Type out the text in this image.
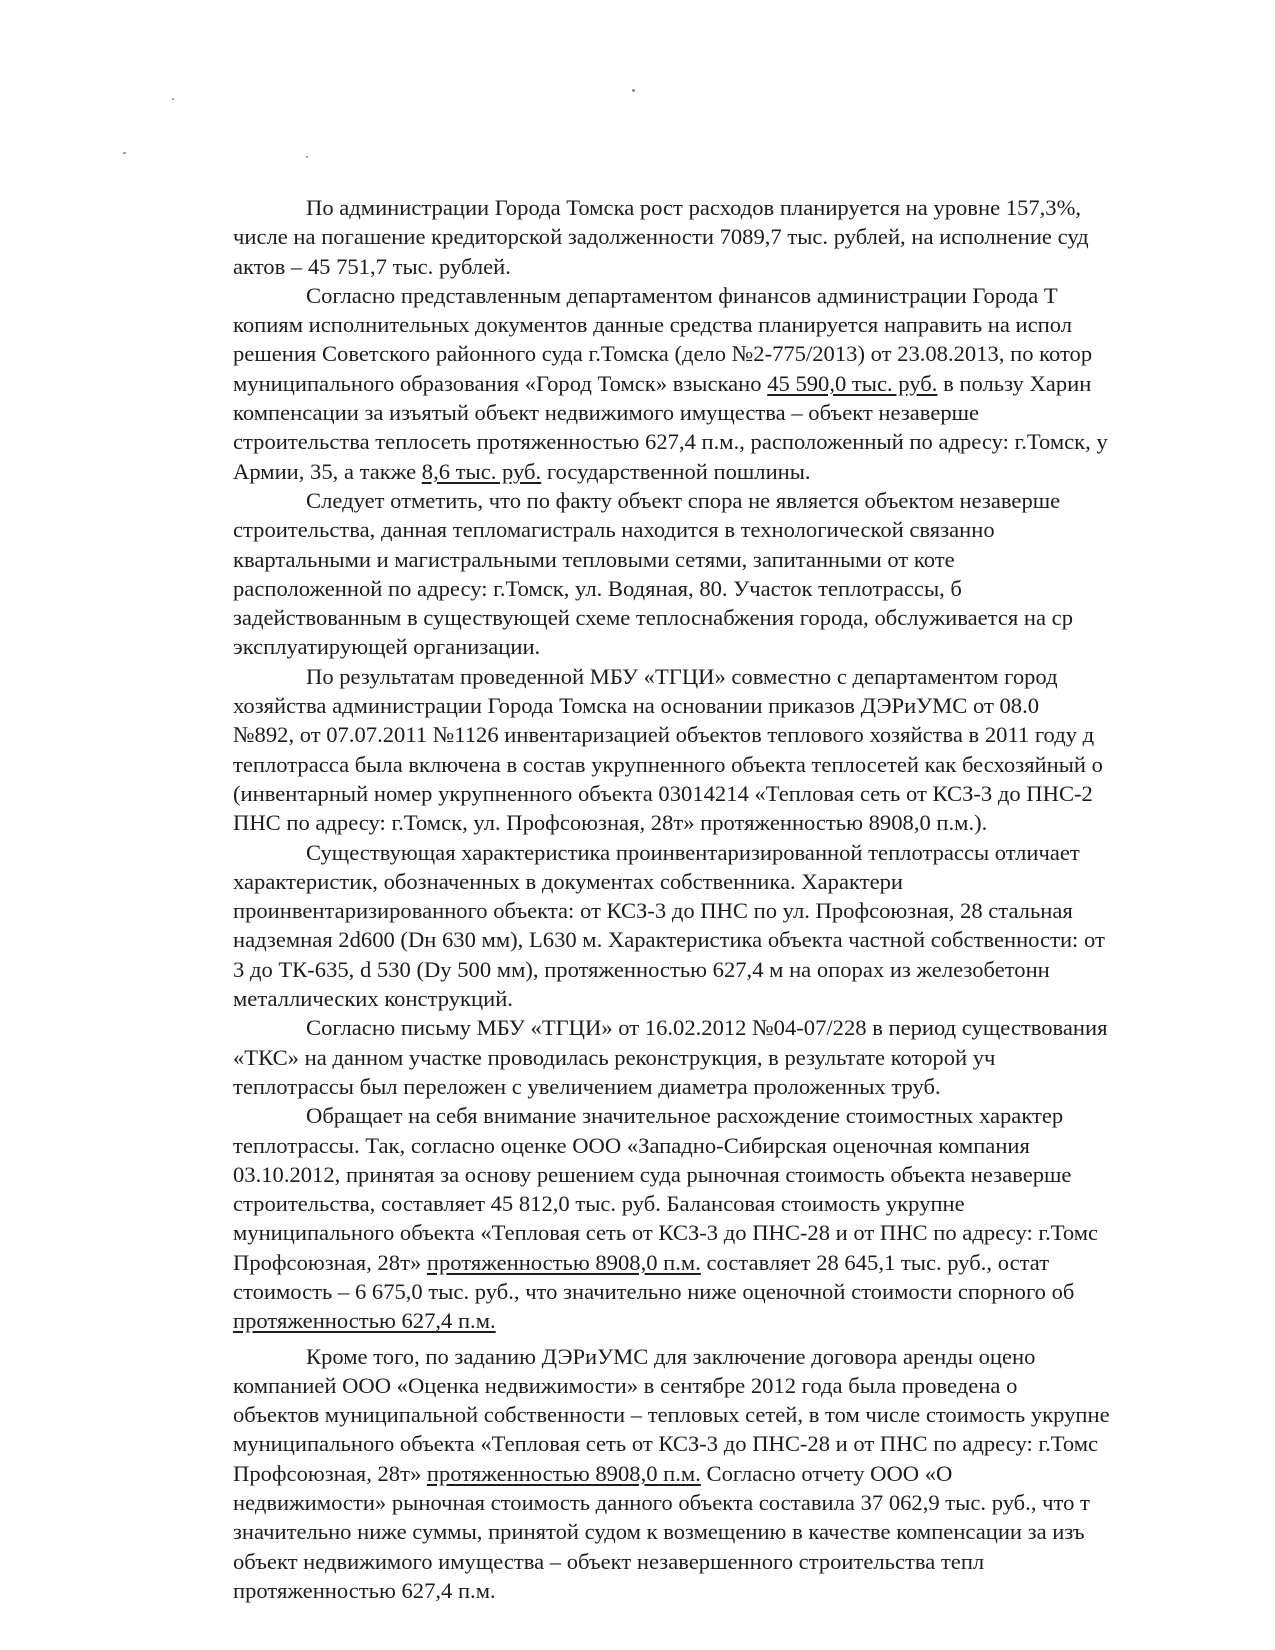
По администрации Города Томска рост расходов планируется на уровне 157,3%,
числе на погашение кредиторской задолженности 7089,7 тыс. рублей, на исполнение суд
актов – 45 751,7 тыс. рублей.
Согласно представленным департаментом финансов администрации Города Т
копиям исполнительных документов данные средства планируется направить на испол
решения Советского районного суда г.Томска (дело №2-775/2013) от 23.08.2013, по котор
муниципального образования «Город Томск» взыскано 45 590,0 тыс. руб. в пользу Харин
компенсации за изъятый объект недвижимого имущества – объект незаверше
строительства теплосеть протяженностью 627,4 п.м., расположенный по адресу: г.Томск, у
Армии, 35, а также 8,6 тыс. руб. государственной пошлины.
Следует отметить, что по факту объект спора не является объектом незаверше
строительства, данная тепломагистраль находится в технологической связанно
квартальными и магистральными тепловыми сетями, запитанными от коте
расположенной по адресу: г.Томск, ул. Водяная, 80. Участок теплотрассы, б
задействованным в существующей схеме теплоснабжения города, обслуживается на ср
эксплуатирующей организации.
По результатам проведенной МБУ «ТГЦИ» совместно с департаментом город
хозяйства администрации Города Томска на основании приказов ДЭРиУМС от 08.0
№892, от 07.07.2011 №1126 инвентаризацией объектов теплового хозяйства в 2011 году д
теплотрасса была включена в состав укрупненного объекта теплосетей как бесхозяйный о
(инвентарный номер укрупненного объекта 03014214 «Тепловая сеть от КСЗ-3 до ПНС-2
ПНС по адресу: г.Томск, ул. Профсоюзная, 28т» протяженностью 8908,0 п.м.).
Существующая характеристика проинвентаризированной теплотрассы отличает
характеристик, обозначенных в документах собственника. Характери
проинвентаризированного объекта: от КСЗ-3 до ПНС по ул. Профсоюзная, 28 стальная
надземная 2d600 (Dн 630 мм), L630 м. Характеристика объекта частной собственности: от
3 до ТК-635, d 530 (Dy 500 мм), протяженностью 627,4 м на опорах из железобетонн
металлических конструкций.
Согласно письму МБУ «ТГЦИ» от 16.02.2012 №04-07/228 в период существования
«ТКС» на данном участке проводилась реконструкция, в результате которой уч
теплотрассы был переложен с увеличением диаметра проложенных труб.
Обращает на себя внимание значительное расхождение стоимостных характер
теплотрассы. Так, согласно оценке ООО «Западно-Сибирская оценочная компания
03.10.2012, принятая за основу решением суда рыночная стоимость объекта незаверше
строительства, составляет 45 812,0 тыс. руб. Балансовая стоимость укрупне
муниципального объекта «Тепловая сеть от КСЗ-3 до ПНС-28 и от ПНС по адресу: г.Томс
Профсоюзная, 28т» протяженностью 8908,0 п.м. составляет 28 645,1 тыс. руб., остат
стоимость – 6 675,0 тыс. руб., что значительно ниже оценочной стоимости спорного об
протяженностью 627,4 п.м.
Кроме того, по заданию ДЭРиУМС для заключение договора аренды оцено
компанией ООО «Оценка недвижимости» в сентябре 2012 года была проведена о
объектов муниципальной собственности – тепловых сетей, в том числе стоимость укрупне
муниципального объекта «Тепловая сеть от КСЗ-3 до ПНС-28 и от ПНС по адресу: г.Томс
Профсоюзная, 28т» протяженностью 8908,0 п.м. Согласно отчету ООО «О
недвижимости» рыночная стоимость данного объекта составила 37 062,9 тыс. руб., что т
значительно ниже суммы, принятой судом к возмещению в качестве компенсации за изъ
объект недвижимого имущества – объект незавершенного строительства тепл
протяженностью 627,4 п.м.
